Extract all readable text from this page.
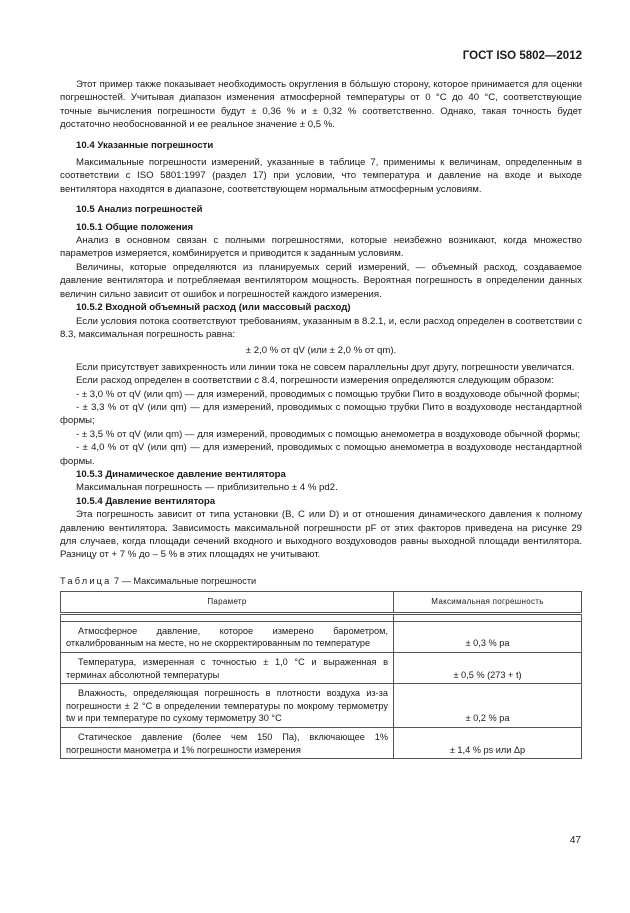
ГОСТ ISO 5802—2012

Этот пример также показывает необходимость округления в бо́льшую сторону, которое принимается для оценки погрешностей. Учитывая диапазон изменения атмосферной температуры от 0 °С до 40 °С, соответствующие точные вычисления погрешности будут ± 0,36 % и ± 0,32 % соответственно. Однако, такая точность будет достаточно необоснованной и ее реальное значение ± 0,5 %.

10.4 Указанные погрешности

Максимальные погрешности измерений, указанные в таблице 7, применимы к величинам, определенным в соответствии с ISO 5801:1997 (раздел 17) при условии, что температура и давление на входе и выходе вентилятора находятся в диапазоне, соответствующем нормальным атмосферным условиям.

10.5 Анализ погрешностей

10.5.1 Общие положения

Анализ в основном связан с полными погрешностями, которые неизбежно возникают, когда множество параметров измеряется, комбинируется и приводится к заданным условиям.

Величины, которые определяются из планируемых серий измерений, — объемный расход, создаваемое давление вентилятора и потребляемая вентилятором мощность. Вероятная погрешность в определении данных величин сильно зависит от ошибок и погрешностей каждого измерения.

10.5.2 Входной объемный расход (или массовый расход)

Если условия потока соответствуют требованиям, указанным в 8.2.1, и, если расход определен в соответствии с 8.3, максимальная погрешность равна:

± 2,0 % от qV (или ± 2,0 % от qm).

Если присутствует завихренность или линии тока не совсем параллельны друг другу, погрешности увеличатся.

Если расход определен в соответствии с 8.4, погрешности измерения определяются следующим образом:

- ± 3,0 % от qV (или qm) — для измерений, проводимых с помощью трубки Пито в воздуховоде обычной формы;

- ± 3,3 % от qV (или qm) — для измерений, проводимых с помощью трубки Пито в воздуховоде нестандартной формы;

- ± 3,5 % от qV (или qm) — для измерений, проводимых с помощью анемометра в воздуховоде обычной формы;

- ± 4,0 % от qV (или qm) — для измерений, проводимых с помощью анемометра в воздуховоде нестандартной формы.

10.5.3 Динамическое давление вентилятора

Максимальная погрешность — приблизительно ± 4 % pd2.

10.5.4 Давление вентилятора

Эта погрешность зависит от типа установки (B, C или D) и от отношения динамического давления к полному давлению вентилятора. Зависимость максимальной погрешности pF от этих факторов приведена на рисунке 29 для случаев, когда площади сечений входного и выходного воздуховодов равны выходной площади вентилятора. Разницу от + 7 % до – 5 % в этих площадях не учитывают.

Таблица 7 — Максимальные погрешности

Параметр	Максимальная погрешность

Атмосферное давление, которое измерено барометром, откалиброванным на месте, но не скорректированным по температуре	± 0,3 % pa
Температура, измеренная с точностью ± 1,0 °С и выраженная в терминах абсолютной температуры	± 0,5 % (273 + t)
Влажность, определяющая погрешность в плотности воздуха из-за погрешности ± 2 °С в определении температуры по мокрому термометру tw и при температуре по сухому термометру 30 °С	± 0,2 % pa
Статическое давление (более чем 150 Па), включающее 1% погрешности манометра и 1% погрешности измерения	± 1,4 % ps или Δp
47
